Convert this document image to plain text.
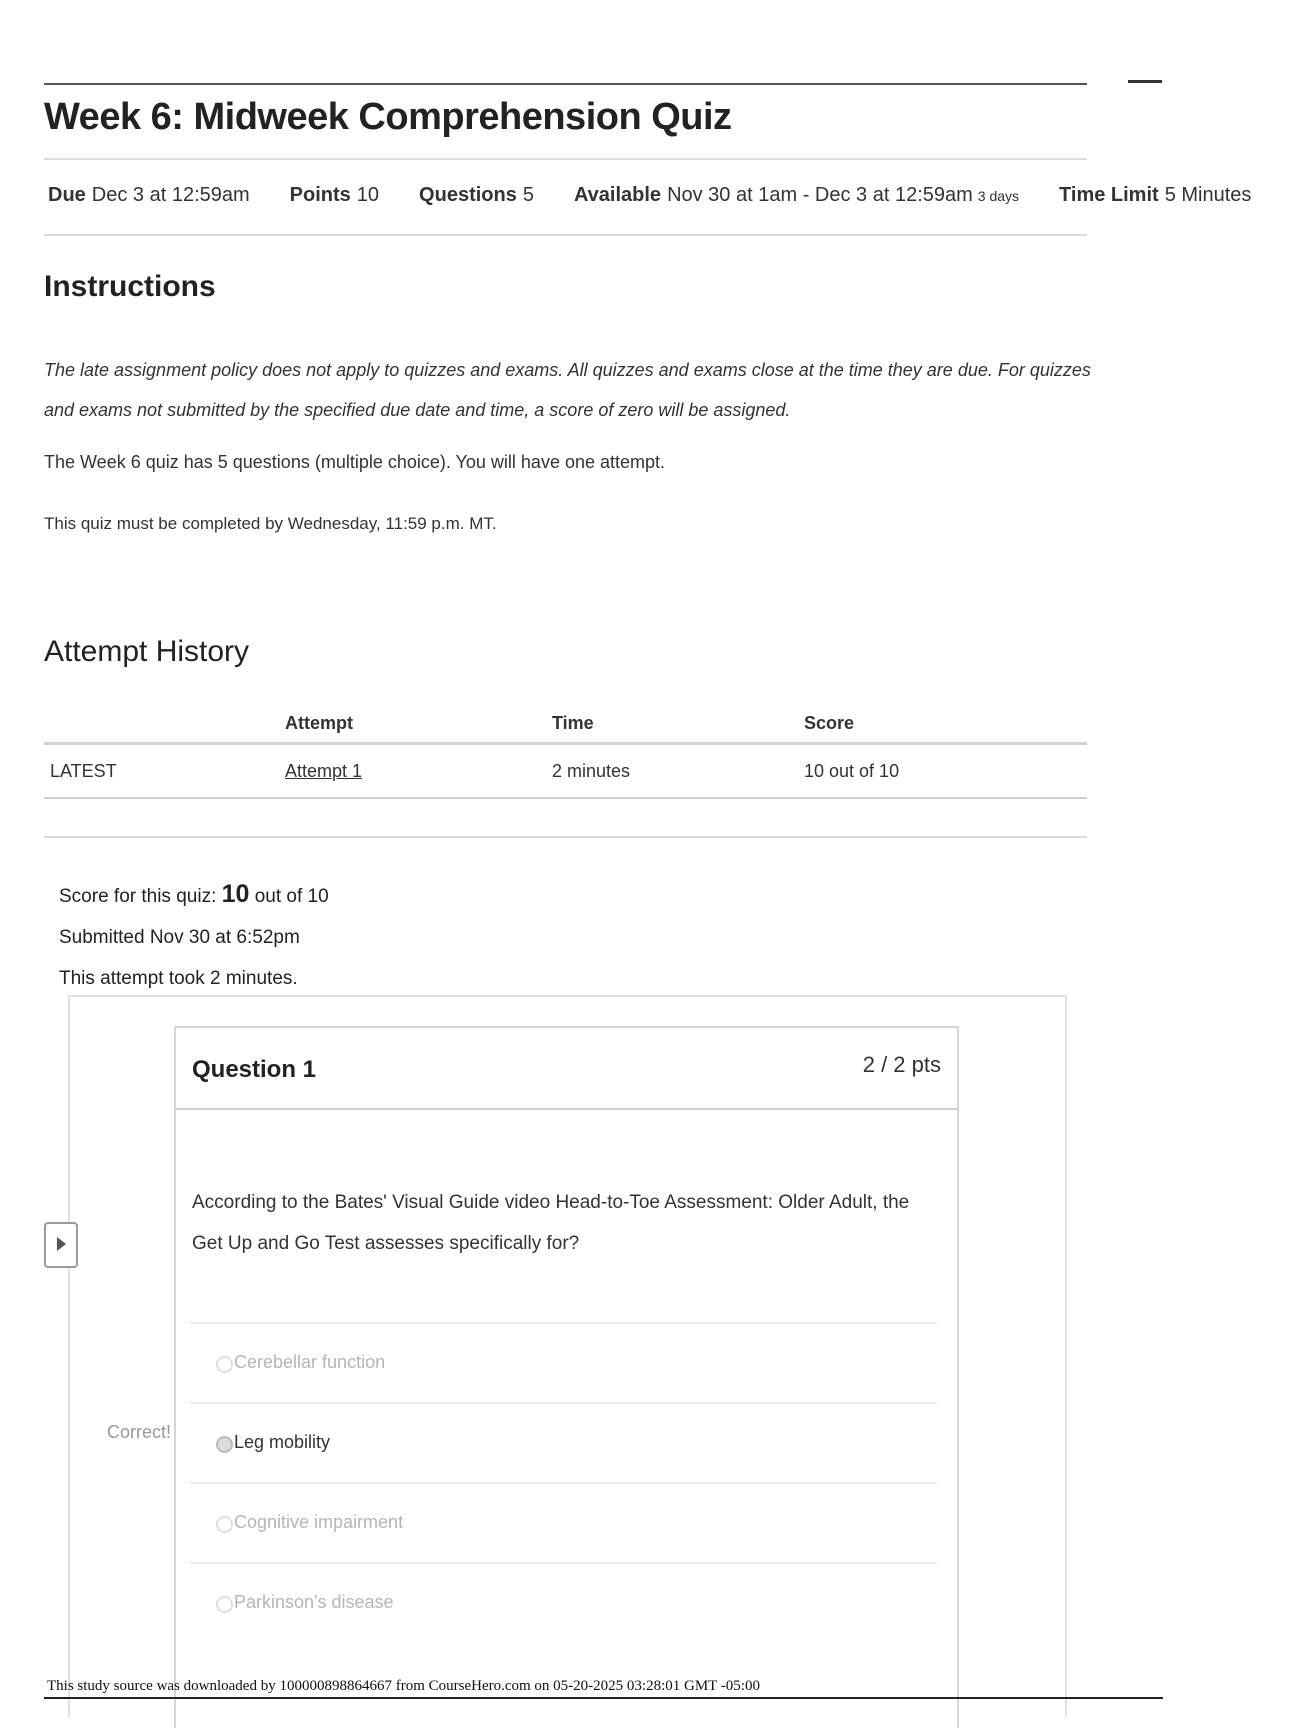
Week 6: Midweek Comprehension Quiz
Due Dec 3 at 12:59am Points 10 Questions 5 Available Nov 30 at 1am - Dec 3 at 12:59am 3 days Time Limit 5 Minutes
Instructions

The late assignment policy does not apply to quizzes and exams. All quizzes and exams close at the time they are due. For quizzes and exams not submitted by the specified due date and time, a score of zero will be assigned.

The Week 6 quiz has 5 questions (multiple choice). You will have one attempt.

This quiz must be completed by Wednesday, 11:59 p.m. MT.

Attempt History
	Attempt	Time	Score
LATEST	Attempt 1	2 minutes	10 out of 10
Score for this quiz: 10 out of 10
Submitted Nov 30 at 6:52pm
This attempt took 2 minutes.
Question 1	2 / 2 pts

According to the Bates' Visual Guide video Head-to-Toe Assessment: Older Adult, the Get Up and Go Test assesses specifically for?

Correct!
Cerebellar function
Leg mobility
Cognitive impairment
Parkinson's disease
This study source was downloaded by 100000898864667 from CourseHero.com on 05-20-2025 03:28:01 GMT -05:00
